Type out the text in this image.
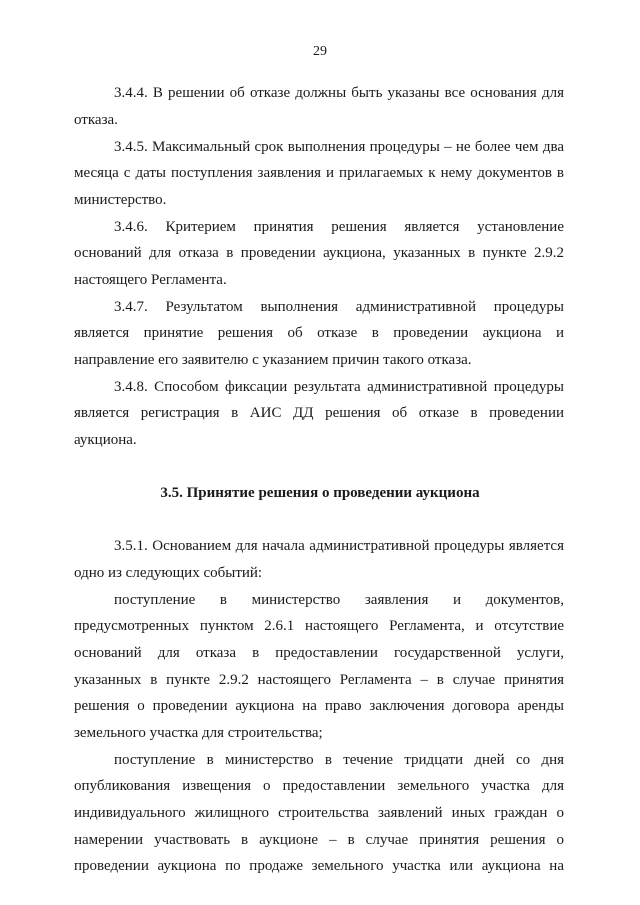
29
3.4.4. В решении об отказе должны быть указаны все основания для
отказа.
3.4.5. Максимальный срок выполнения процедуры – не более чем два
месяца с даты поступления заявления и прилагаемых к нему документов в
министерство.
3.4.6. Критерием принятия решения является установление
оснований для отказа в проведении аукциона, указанных в пункте 2.9.2
настоящего Регламента.
3.4.7. Результатом выполнения административной процедуры
является принятие решения об отказе в проведении аукциона и
направление его заявителю с указанием причин такого отказа.
3.4.8. Способом фиксации результата административной процедуры
является регистрация в АИС ДД решения об отказе в проведении
аукциона.
3.5. Принятие решения о проведении аукциона
3.5.1. Основанием для начала административной процедуры является
одно из следующих событий:
поступление в министерство заявления и документов,
предусмотренных пунктом 2.6.1 настоящего Регламента, и отсутствие
оснований для отказа в предоставлении государственной услуги,
указанных в пункте 2.9.2 настоящего Регламента – в случае принятия
решения о проведении аукциона на право заключения договора аренды
земельного участка для строительства;
поступление в министерство в течение тридцати дней со дня
опубликования извещения о предоставлении земельного участка для
индивидуального жилищного строительства заявлений иных граждан о
намерении участвовать в аукционе – в случае принятия решения о
проведении аукциона по продаже земельного участка или аукциона на
